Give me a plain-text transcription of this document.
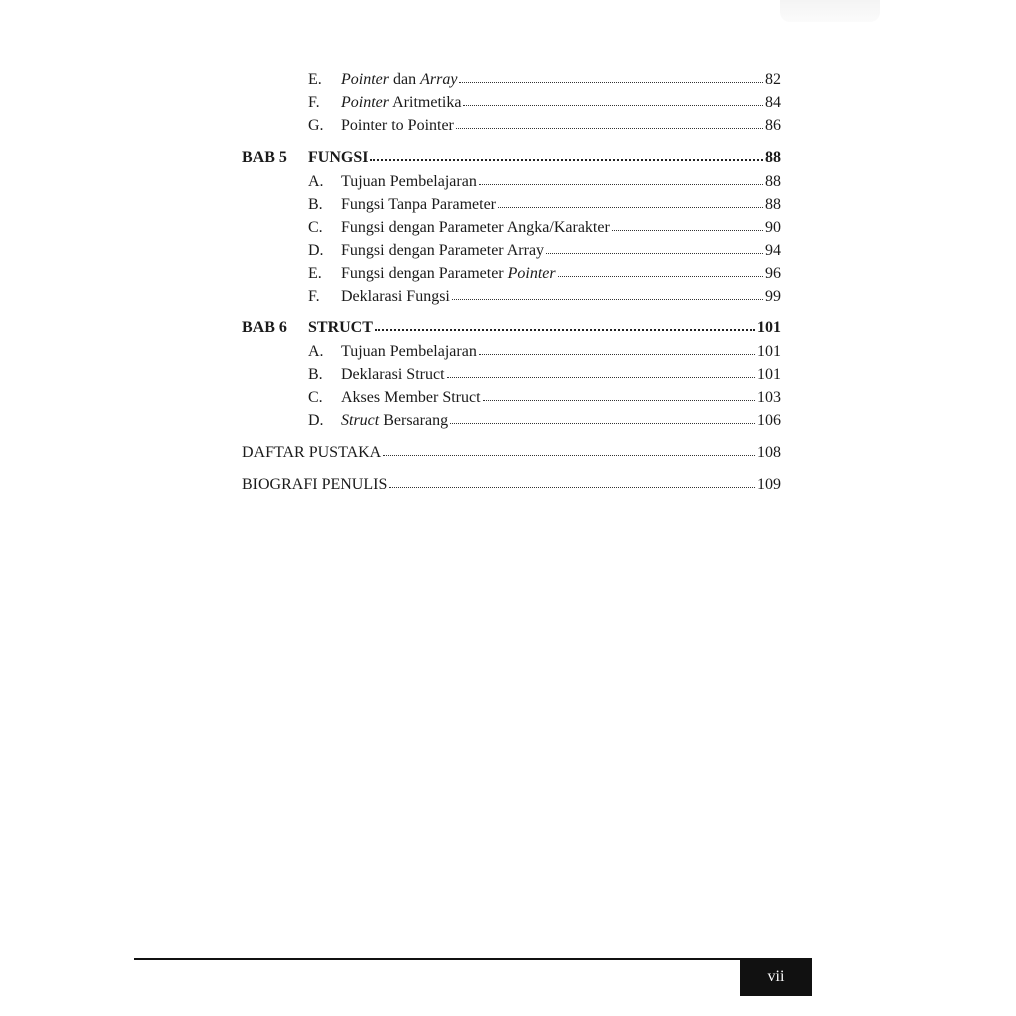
E.	Pointer dan Array	82
F.	Pointer Aritmetika	84
G.	Pointer to Pointer	86
BAB 5	FUNGSI	88
A.	Tujuan Pembelajaran	88
B.	Fungsi Tanpa Parameter	88
C.	Fungsi dengan Parameter Angka/Karakter	90
D.	Fungsi dengan Parameter Array	94
E.	Fungsi dengan Parameter Pointer	96
F.	Deklarasi Fungsi	99
BAB 6	STRUCT	101
A.	Tujuan Pembelajaran	101
B.	Deklarasi Struct	101
C.	Akses Member Struct	103
D.	Struct Bersarang	106
DAFTAR PUSTAKA	108
BIOGRAFI PENULIS	109
vii
